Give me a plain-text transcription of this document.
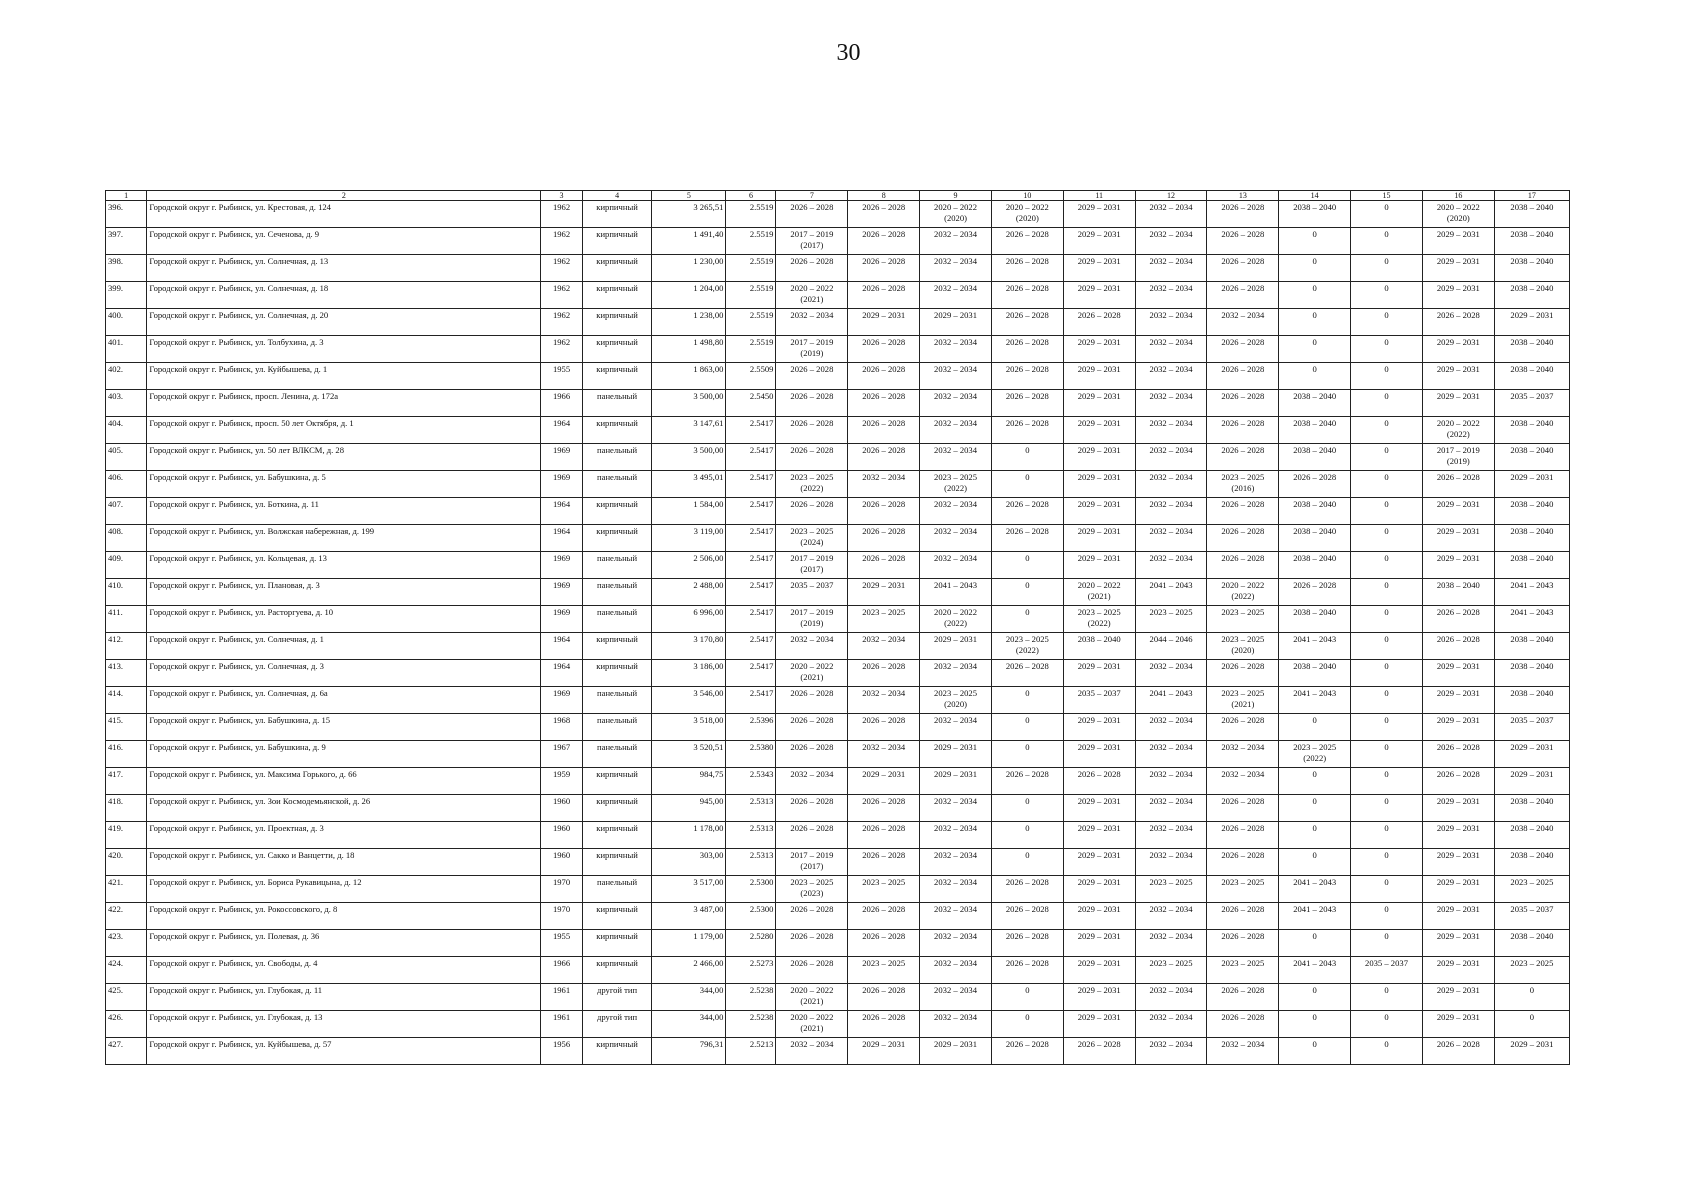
30
1	2	3	4	5	6	7	8	9	10	11	12	13	14	15	16	17
396.	Городской округ г. Рыбинск, ул. Крестовая, д. 124	1962	кирпичный	3 265,51	2.5519	2026 – 2028	2026 – 2028	2020 – 2022 (2020)	2020 – 2022 (2020)	2029 – 2031	2032 – 2034	2026 – 2028	2038 – 2040	0	2020 – 2022 (2020)	2038 – 2040
397.	Городской округ г. Рыбинск, ул. Сеченова, д. 9	1962	кирпичный	1 491,40	2.5519	2017 – 2019 (2017)	2026 – 2028	2032 – 2034	2026 – 2028	2029 – 2031	2032 – 2034	2026 – 2028	0	0	2029 – 2031	2038 – 2040
398.	Городской округ г. Рыбинск, ул. Солнечная, д. 13	1962	кирпичный	1 230,00	2.5519	2026 – 2028	2026 – 2028	2032 – 2034	2026 – 2028	2029 – 2031	2032 – 2034	2026 – 2028	0	0	2029 – 2031	2038 – 2040
399.	Городской округ г. Рыбинск, ул. Солнечная, д. 18	1962	кирпичный	1 204,00	2.5519	2020 – 2022 (2021)	2026 – 2028	2032 – 2034	2026 – 2028	2029 – 2031	2032 – 2034	2026 – 2028	0	0	2029 – 2031	2038 – 2040
400.	Городской округ г. Рыбинск, ул. Солнечная, д. 20	1962	кирпичный	1 238,00	2.5519	2032 – 2034	2029 – 2031	2029 – 2031	2026 – 2028	2026 – 2028	2032 – 2034	2032 – 2034	0	0	2026 – 2028	2029 – 2031
401.	Городской округ г. Рыбинск, ул. Толбухина, д. 3	1962	кирпичный	1 498,80	2.5519	2017 – 2019 (2019)	2026 – 2028	2032 – 2034	2026 – 2028	2029 – 2031	2032 – 2034	2026 – 2028	0	0	2029 – 2031	2038 – 2040
402.	Городской округ г. Рыбинск, ул. Куйбышева, д. 1	1955	кирпичный	1 863,00	2.5509	2026 – 2028	2026 – 2028	2032 – 2034	2026 – 2028	2029 – 2031	2032 – 2034	2026 – 2028	0	0	2029 – 2031	2038 – 2040
403.	Городской округ г. Рыбинск, просп. Ленина, д. 172а	1966	панельный	3 500,00	2.5450	2026 – 2028	2026 – 2028	2032 – 2034	2026 – 2028	2029 – 2031	2032 – 2034	2026 – 2028	2038 – 2040	0	2029 – 2031	2035 – 2037
404.	Городской округ г. Рыбинск, просп. 50 лет Октября, д. 1	1964	кирпичный	3 147,61	2.5417	2026 – 2028	2026 – 2028	2032 – 2034	2026 – 2028	2029 – 2031	2032 – 2034	2026 – 2028	2038 – 2040	0	2020 – 2022 (2022)	2038 – 2040
405.	Городской округ г. Рыбинск, ул. 50 лет ВЛКСМ, д. 28	1969	панельный	3 500,00	2.5417	2026 – 2028	2026 – 2028	2032 – 2034	0	2029 – 2031	2032 – 2034	2026 – 2028	2038 – 2040	0	2017 – 2019 (2019)	2038 – 2040
406.	Городской округ г. Рыбинск, ул. Бабушкина, д. 5	1969	панельный	3 495,01	2.5417	2023 – 2025 (2022)	2032 – 2034	2023 – 2025 (2022)	0	2029 – 2031	2032 – 2034	2023 – 2025 (2016)	2026 – 2028	0	2026 – 2028	2029 – 2031
407.	Городской округ г. Рыбинск, ул. Боткина, д. 11	1964	кирпичный	1 584,00	2.5417	2026 – 2028	2026 – 2028	2032 – 2034	2026 – 2028	2029 – 2031	2032 – 2034	2026 – 2028	2038 – 2040	0	2029 – 2031	2038 – 2040
408.	Городской округ г. Рыбинск, ул. Волжская набережная, д. 199	1964	кирпичный	3 119,00	2.5417	2023 – 2025 (2024)	2026 – 2028	2032 – 2034	2026 – 2028	2029 – 2031	2032 – 2034	2026 – 2028	2038 – 2040	0	2029 – 2031	2038 – 2040
409.	Городской округ г. Рыбинск, ул. Кольцевая, д. 13	1969	панельный	2 506,00	2.5417	2017 – 2019 (2017)	2026 – 2028	2032 – 2034	0	2029 – 2031	2032 – 2034	2026 – 2028	2038 – 2040	0	2029 – 2031	2038 – 2040
410.	Городской округ г. Рыбинск, ул. Плановая, д. 3	1969	панельный	2 488,00	2.5417	2035 – 2037	2029 – 2031	2041 – 2043	0	2020 – 2022 (2021)	2041 – 2043	2020 – 2022 (2022)	2026 – 2028	0	2038 – 2040	2041 – 2043
411.	Городской округ г. Рыбинск, ул. Растоpгуева, д. 10	1969	панельный	6 996,00	2.5417	2017 – 2019 (2019)	2023 – 2025	2020 – 2022 (2022)	0	2023 – 2025 (2022)	2023 – 2025	2023 – 2025	2038 – 2040	0	2026 – 2028	2041 – 2043
412.	Городской округ г. Рыбинск, ул. Солнечная, д. 1	1964	кирпичный	3 170,80	2.5417	2032 – 2034	2032 – 2034	2029 – 2031	2023 – 2025 (2022)	2038 – 2040	2044 – 2046	2023 – 2025 (2020)	2041 – 2043	0	2026 – 2028	2038 – 2040
413.	Городской округ г. Рыбинск, ул. Солнечная, д. 3	1964	кирпичный	3 186,00	2.5417	2020 – 2022 (2021)	2026 – 2028	2032 – 2034	2026 – 2028	2029 – 2031	2032 – 2034	2026 – 2028	2038 – 2040	0	2029 – 2031	2038 – 2040
414.	Городской округ г. Рыбинск, ул. Солнечная, д. 6а	1969	панельный	3 546,00	2.5417	2026 – 2028	2032 – 2034	2023 – 2025 (2020)	0	2035 – 2037	2041 – 2043	2023 – 2025 (2021)	2041 – 2043	0	2029 – 2031	2038 – 2040
415.	Городской округ г. Рыбинск, ул. Бабушкина, д. 15	1968	панельный	3 518,00	2.5396	2026 – 2028	2026 – 2028	2032 – 2034	0	2029 – 2031	2032 – 2034	2026 – 2028	0	0	2029 – 2031	2035 – 2037
416.	Городской округ г. Рыбинск, ул. Бабушкина, д. 9	1967	панельный	3 520,51	2.5380	2026 – 2028	2032 – 2034	2029 – 2031	0	2029 – 2031	2032 – 2034	2032 – 2034	2023 – 2025 (2022)	0	2026 – 2028	2029 – 2031
417.	Городской округ г. Рыбинск, ул. Максима Горького, д. 66	1959	кирпичный	984,75	2.5343	2032 – 2034	2029 – 2031	2029 – 2031	2026 – 2028	2026 – 2028	2032 – 2034	2032 – 2034	0	0	2026 – 2028	2029 – 2031
418.	Городской округ г. Рыбинск, ул. Зои Космодемьянской, д. 26	1960	кирпичный	945,00	2.5313	2026 – 2028	2026 – 2028	2032 – 2034	0	2029 – 2031	2032 – 2034	2026 – 2028	0	0	2029 – 2031	2038 – 2040
419.	Городской округ г. Рыбинск, ул. Проектная, д. 3	1960	кирпичный	1 178,00	2.5313	2026 – 2028	2026 – 2028	2032 – 2034	0	2029 – 2031	2032 – 2034	2026 – 2028	0	0	2029 – 2031	2038 – 2040
420.	Городской округ г. Рыбинск, ул. Сакко и Ванцетти, д. 18	1960	кирпичный	303,00	2.5313	2017 – 2019 (2017)	2026 – 2028	2032 – 2034	0	2029 – 2031	2032 – 2034	2026 – 2028	0	0	2029 – 2031	2038 – 2040
421.	Городской округ г. Рыбинск, ул. Бориса Рукавицына, д. 12	1970	панельный	3 517,00	2.5300	2023 – 2025 (2023)	2023 – 2025	2032 – 2034	2026 – 2028	2029 – 2031	2023 – 2025	2023 – 2025	2041 – 2043	0	2029 – 2031	2023 – 2025
422.	Городской округ г. Рыбинск, ул. Рокоссовского, д. 8	1970	кирпичный	3 487,00	2.5300	2026 – 2028	2026 – 2028	2032 – 2034	2026 – 2028	2029 – 2031	2032 – 2034	2026 – 2028	2041 – 2043	0	2029 – 2031	2035 – 2037
423.	Городской округ г. Рыбинск, ул. Полевая, д. 36	1955	кирпичный	1 179,00	2.5280	2026 – 2028	2026 – 2028	2032 – 2034	2026 – 2028	2029 – 2031	2032 – 2034	2026 – 2028	0	0	2029 – 2031	2038 – 2040
424.	Городской округ г. Рыбинск, ул. Свободы, д. 4	1966	кирпичный	2 466,00	2.5273	2026 – 2028	2023 – 2025	2032 – 2034	2026 – 2028	2029 – 2031	2023 – 2025	2023 – 2025	2041 – 2043	2035 – 2037	2029 – 2031	2023 – 2025
425.	Городской округ г. Рыбинск, ул. Глубокая, д. 11	1961	другой тип	344,00	2.5238	2020 – 2022 (2021)	2026 – 2028	2032 – 2034	0	2029 – 2031	2032 – 2034	2026 – 2028	0	0	2029 – 2031	0
426.	Городской округ г. Рыбинск, ул. Глубокая, д. 13	1961	другой тип	344,00	2.5238	2020 – 2022 (2021)	2026 – 2028	2032 – 2034	0	2029 – 2031	2032 – 2034	2026 – 2028	0	0	2029 – 2031	0
427.	Городской округ г. Рыбинск, ул. Куйбышева, д. 57	1956	кирпичный	796,31	2.5213	2032 – 2034	2029 – 2031	2029 – 2031	2026 – 2028	2026 – 2028	2032 – 2034	2032 – 2034	0	0	2026 – 2028	2029 – 2031
